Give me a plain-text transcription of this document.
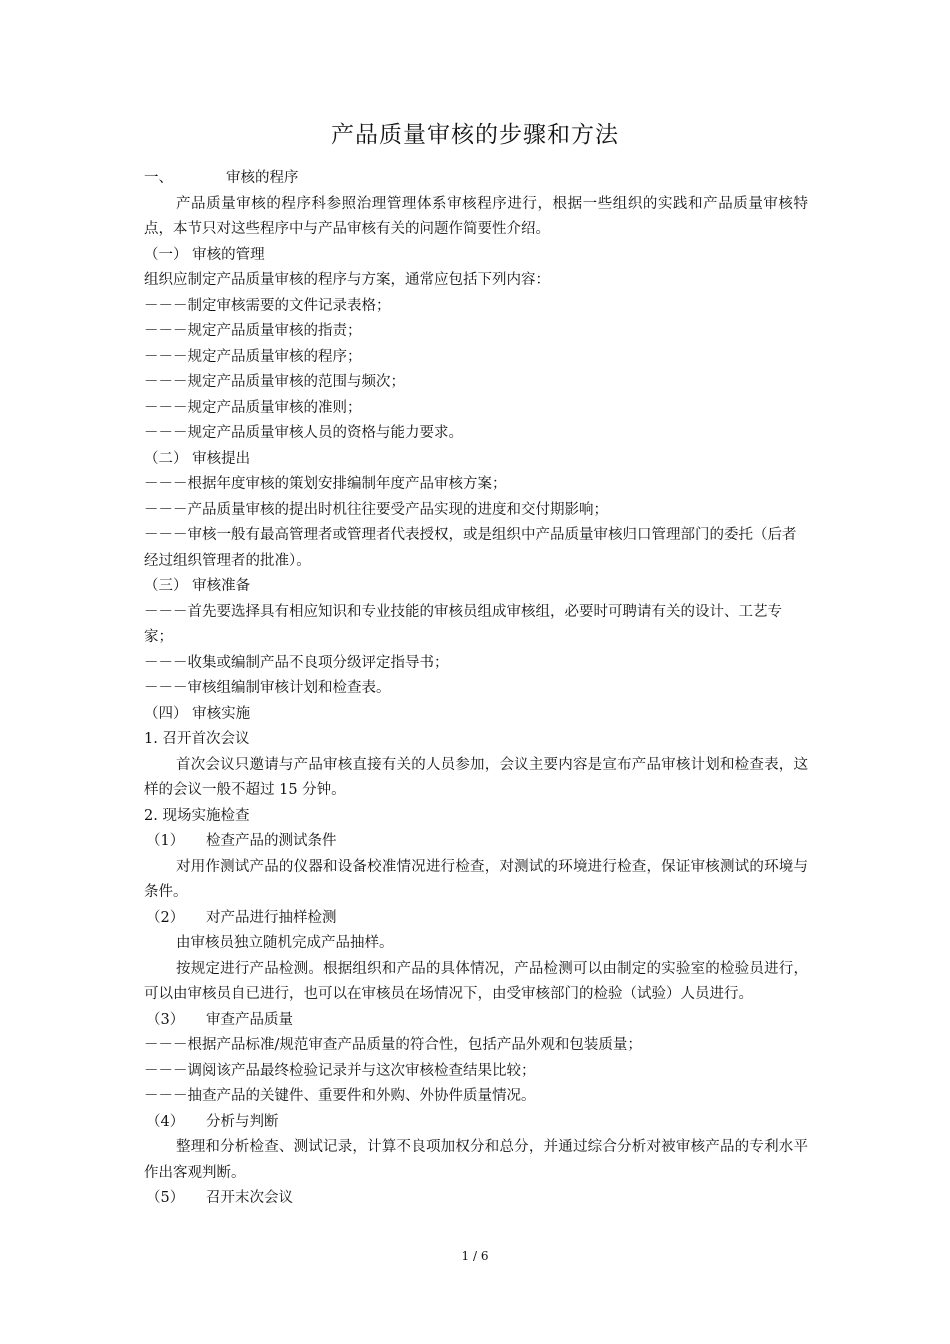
产品质量审核的步骤和方法

一、	审核的程序

产品质量审核的程序科参照治理管理体系审核程序进行，根据一些组织的实践和产品质量审核特点，本节只对这些程序中与产品审核有关的问题作简要性介绍。

（一） 审核的管理

组织应制定产品质量审核的程序与方案，通常应包括下列内容：

－－－制定审核需要的文件记录表格；

－－－规定产品质量审核的指责；

－－－规定产品质量审核的程序；

－－－规定产品质量审核的范围与频次；

－－－规定产品质量审核的准则；

－－－规定产品质量审核人员的资格与能力要求。

（二） 审核提出

－－－根据年度审核的策划安排编制年度产品审核方案；

－－－产品质量审核的提出时机往往要受产品实现的进度和交付期影响；

－－－审核一般有最高管理者或管理者代表授权，或是组织中产品质量审核归口管理部门的委托（后者经过组织管理者的批准）。

（三） 审核准备

－－－首先要选择具有相应知识和专业技能的审核员组成审核组，必要时可聘请有关的设计、工艺专家；

－－－收集或编制产品不良项分级评定指导书；

－－－审核组编制审核计划和检查表。

（四） 审核实施

1. 召开首次会议

首次会议只邀请与产品审核直接有关的人员参加，会议主要内容是宣布产品审核计划和检查表，这样的会议一般不超过 15 分钟。

2. 现场实施检查

（1） 检查产品的测试条件

对用作测试产品的仪器和设备校准情况进行检查，对测试的环境进行检查，保证审核测试的环境与条件。

（2） 对产品进行抽样检测

由审核员独立随机完成产品抽样。

按规定进行产品检测。根据组织和产品的具体情况，产品检测可以由制定的实验室的检验员进行，可以由审核员自已进行，也可以在审核员在场情况下，由受审核部门的检验（试验）人员进行。

（3） 审查产品质量

－－－根据产品标准/规范审查产品质量的符合性，包括产品外观和包装质量；

－－－调阅该产品最终检验记录并与这次审核检查结果比较；

－－－抽查产品的关键件、重要件和外购、外协件质量情况。

（4） 分析与判断

整理和分析检查、测试记录，计算不良项加权分和总分，并通过综合分析对被审核产品的专利水平作出客观判断。

（5） 召开末次会议

1 / 6
